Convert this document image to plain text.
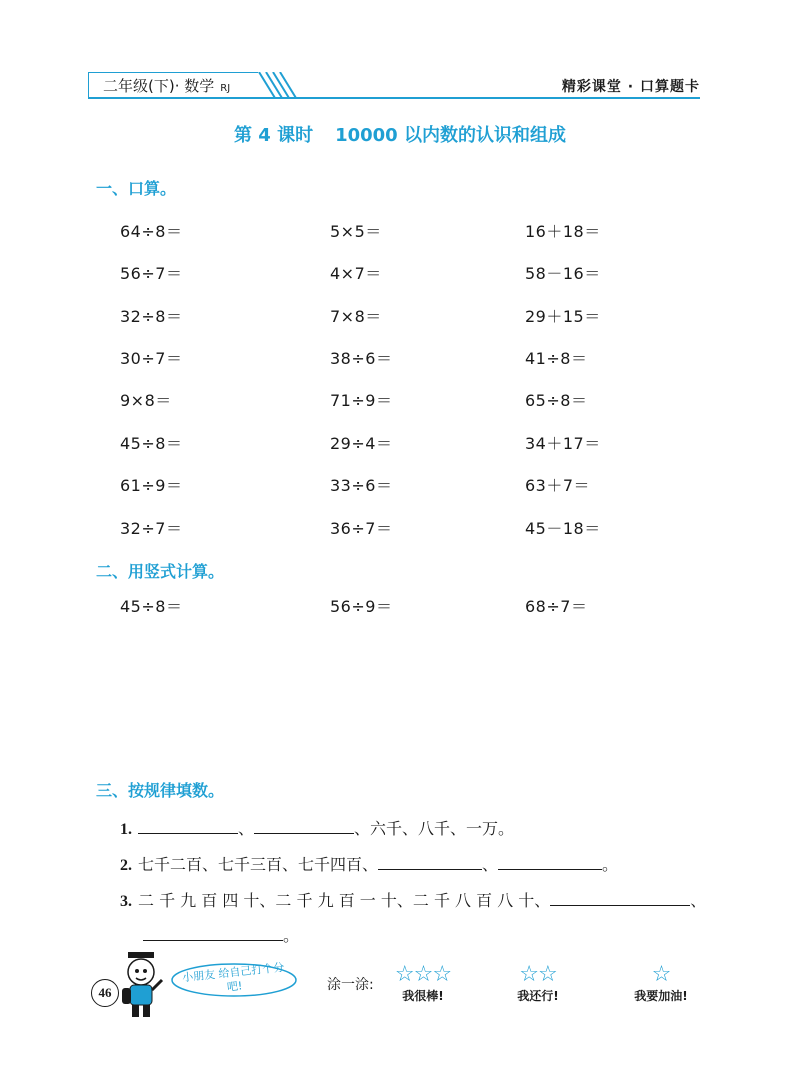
二年级(下)· 数学 RJ	精彩课堂 · 口算题卡
第 4 课时 10000 以内数的认识和组成
一、口算。
64÷8＝	5×5＝	16＋18＝
56÷7＝	4×7＝	58－16＝
32÷8＝	7×8＝	29＋15＝
30÷7＝	38÷6＝	41÷8＝
9×8＝	71÷9＝	65÷8＝
45÷8＝	29÷4＝	34＋17＝
61÷9＝	33÷6＝	63＋7＝
32÷7＝	36÷7＝	45－18＝
二、用竖式计算。
45÷8＝	56÷9＝	68÷7＝
三、按规律填数。
1.	、	、六千、八千、一万。
2. 七千二百、七千三百、七千四百、	、	。
3. 二 千 九 百 四 十、二 千 九 百 一 十、二 千 八 百 八 十、	、
。
46
小朋友 给自己打个分吧!	涂一涂: ☆☆☆
我很棒!
☆☆
我还行!
☆
我要加油!
